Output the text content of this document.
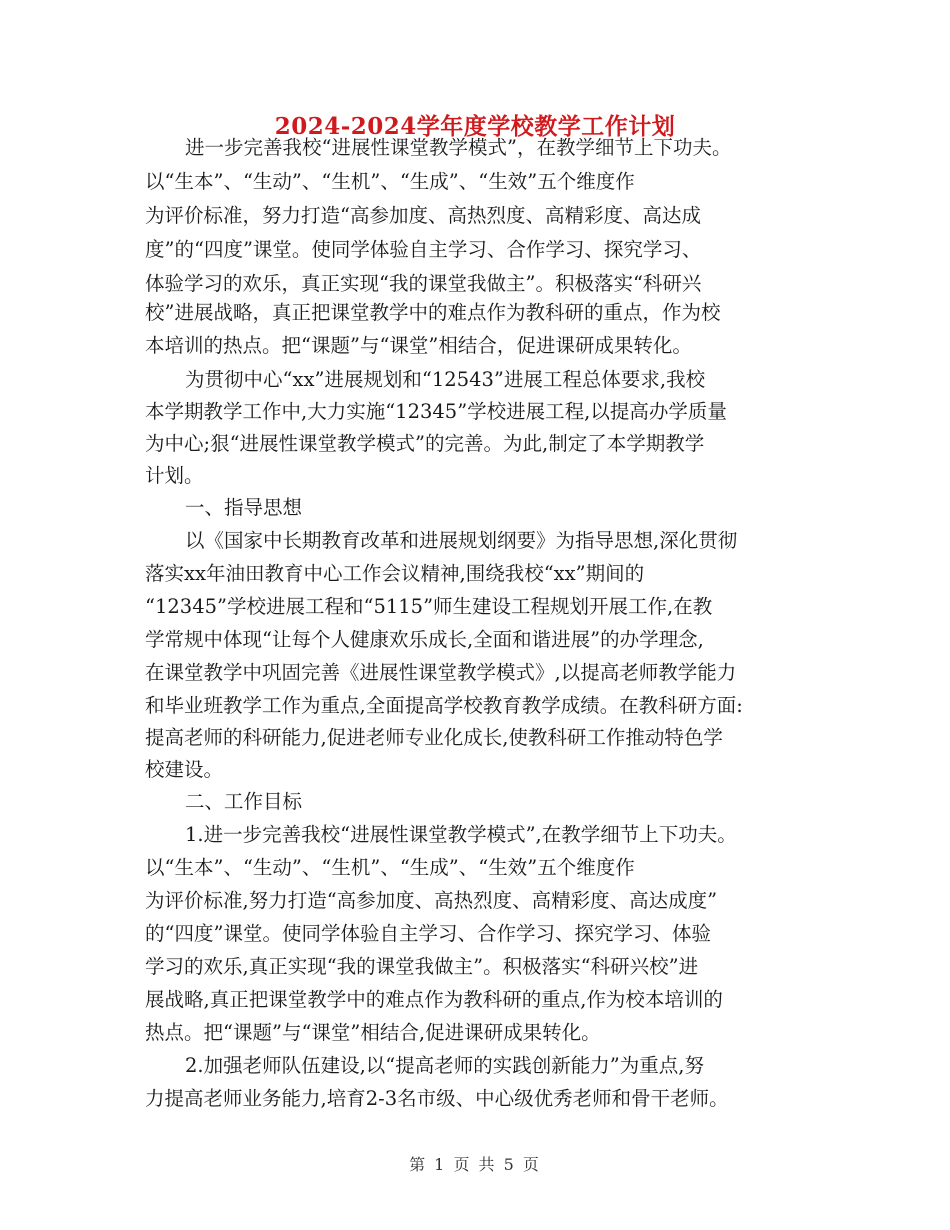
2024-2024学年度学校教学工作计划
进一步完善我校“进展性课堂教学模式”，在教学细节上下功夫。
以“生本”、“生动”、“生机”、“生成”、“生效”五个维度作
为评价标准，努力打造“高参加度、高热烈度、高精彩度、高达成
度”的“四度”课堂。使同学体验自主学习、合作学习、探究学习、
体验学习的欢乐，真正实现“我的课堂我做主”。积极落实“科研兴
校”进展战略，真正把课堂教学中的难点作为教科研的重点，作为校
本培训的热点。把“课题”与“课堂”相结合，促进课研成果转化。
为贯彻中心“xx”进展规划和“12543”进展工程总体要求,我校
本学期教学工作中,大力实施“12345”学校进展工程,以提高办学质量
为中心;狠“进展性课堂教学模式”的完善。为此,制定了本学期教学
计划。
一、指导思想
以《国家中长期教育改革和进展规划纲要》为指导思想,深化贯彻
落实xx年油田教育中心工作会议精神,围绕我校“xx”期间的
“12345”学校进展工程和“5115”师生建设工程规划开展工作,在教
学常规中体现“让每个人健康欢乐成长,全面和谐进展”的办学理念,
在课堂教学中巩固完善《进展性课堂教学模式》,以提高老师教学能力
和毕业班教学工作为重点,全面提高学校教育教学成绩。在教科研方面:
提高老师的科研能力,促进老师专业化成长,使教科研工作推动特色学
校建设。
二、工作目标
1.进一步完善我校“进展性课堂教学模式”,在教学细节上下功夫。
以“生本”、“生动”、“生机”、“生成”、“生效”五个维度作
为评价标准,努力打造“高参加度、高热烈度、高精彩度、高达成度”
的“四度”课堂。使同学体验自主学习、合作学习、探究学习、体验
学习的欢乐,真正实现“我的课堂我做主”。积极落实“科研兴校”进
展战略,真正把课堂教学中的难点作为教科研的重点,作为校本培训的
热点。把“课题”与“课堂”相结合,促进课研成果转化。
2.加强老师队伍建设,以“提高老师的实践创新能力”为重点,努
力提高老师业务能力,培育2-3名市级、中心级优秀老师和骨干老师。
第 1 页 共 5 页
